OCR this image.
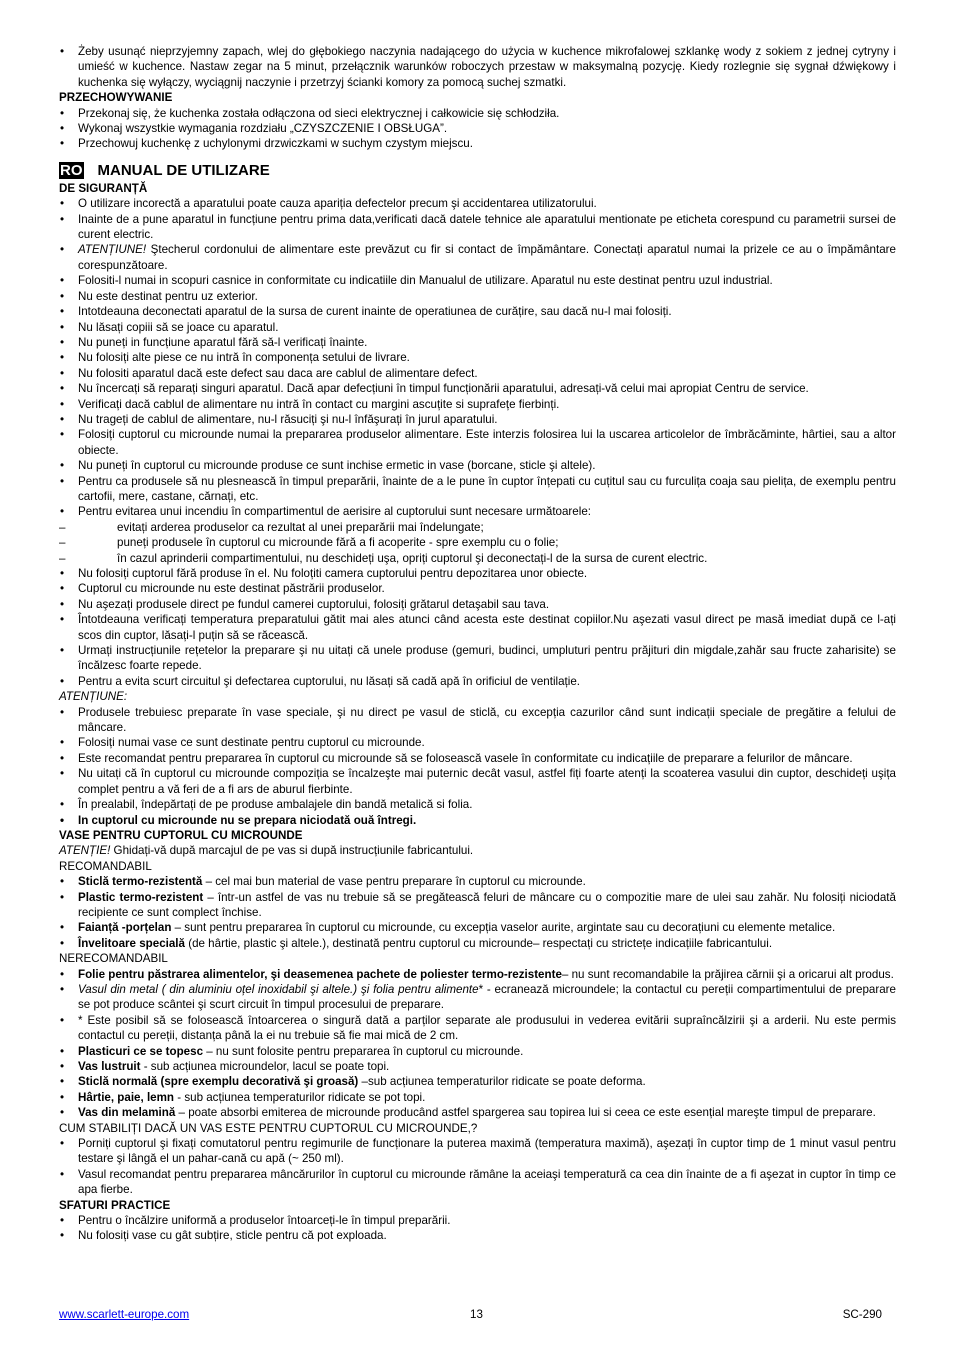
• Żeby usunąć nieprzyjemny zapach, wlej do głębokiego naczynia nadającego do użycia w kuchence mikrofalowej szklankę wody z sokiem z jednej cytryny i umieść w kuchence. Nastaw zegar na 5 minut, przełącznik warunków roboczych przestaw w maksymalną pozycję. Kiedy rozlegnie się sygnał dźwiękowy i kuchenka się wyłączy, wyciągnij naczynie i przetrzyj ścianki komory za pomocą suchej szmatki.
PRZECHOWYWANIE
• Przekonaj się, że kuchenka została odłączona od sieci elektrycznej i całkowicie się schłodziła.
• Wykonaj wszystkie wymagania rozdziału „CZYSZCZENIE I OBSŁUGA”.
• Przechowuj kuchenkę z uchylonymi drzwiczkami w suchym czystym miejscu.
RO MANUAL DE UTILIZARE
DE SIGURANȚĂ
• O utilizare incorectă a aparatului poate cauza apariția defectelor precum şi accidentarea utilizatorului.
• Inainte de a pune aparatul in funcțiune pentru prima data,verificati dacă datele tehnice ale aparatului mentionate pe eticheta corespund cu parametrii sursei de curent electric.
• ATENȚIUNE! Ştecherul cordonului de alimentare este prevăzut cu fir si contact de împământare. Conectați aparatul numai la prizele ce au o împământare corespunzătoare.
• Folositi-l numai in scopuri casnice in conformitate cu indicatiile din Manualul de utilizare. Aparatul nu este destinat pentru uzul industrial.
• Nu este destinat pentru uz exterior.
• Intotdeauna deconectati aparatul de la sursa de curent inainte de operatiunea de curățire, sau dacă nu-l mai folosiți.
• Nu lăsați copiii să se joace cu aparatul.
• Nu puneți in funcțiune aparatul fără să-l verificați înainte.
• Nu folosiți alte piese ce nu intră în componența setului de livrare.
• Nu folositi aparatul dacă este defect sau daca are cablul de alimentare defect.
• Nu încercați să reparați singuri aparatul. Dacă apar defecțiuni în timpul funcționării aparatului, adresați-vă celui mai apropiat Centru de service.
• Verificați dacă cablul de alimentare nu intră în contact cu margini ascuțite si suprafețe fierbinți.
• Nu trageți de cablul de alimentare, nu-l răsuciți şi nu-l înfăşurați în jurul aparatului.
• Folosiți cuptorul cu microunde numai la prepararea produselor alimentare. Este interzis folosirea lui la uscarea articolelor de îmbrăcăminte, hârtiei, sau a altor obiecte.
• Nu puneți în cuptorul cu microunde produse ce sunt inchise ermetic in vase (borcane, sticle şi altele).
• Pentru ca produsele să nu plesnească în timpul preparării, înainte de a le pune în cuptor înțepati cu cuțitul sau cu furculița coaja sau pielița, de exemplu pentru cartofii, mere, castane, cărnați, etc.
• Pentru evitarea unui incendiu în compartimentul de aerisire al cuptorului sunt necesare următoarele:
– evitați arderea produselor ca rezultat al unei preparării mai îndelungate;
– puneți produsele în cuptorul cu microunde fără a fi acoperite - spre exemplu cu o folie;
– în cazul aprinderii compartimentului, nu deschideți uşa, opriți cuptorul şi deconectați-l de la sursa de curent electric.
• Nu folosiți cuptorul fără produse în el. Nu foloțiti camera cuptorului pentru depozitarea unor obiecte.
• Cuptorul cu microunde nu este destinat păstrării produselor.
• Nu aşezați produsele direct pe fundul camerei cuptorului, folosiți grătarul detaşabil sau tava.
• Întotdeauna verificați temperatura preparatului gătit mai ales atunci când acesta este destinat copiilor.Nu aşezati vasul direct pe masă imediat după ce l-ați scos din cuptor, lăsați-l puțin să se răcească.
• Urmați instrucțiunile rețetelor la preparare şi nu uitați că unele produse (gemuri, budinci, umpluturi pentru prăjituri din migdale,zahăr sau fructe zaharisite) se încălzesc foarte repede.
• Pentru a evita scurt circuitul şi defectarea cuptorului, nu lăsați să cadă apă în orificiul de ventilație.
ATENȚIUNE:
• Produsele trebuiesc preparate în vase speciale, şi nu direct pe vasul de sticlă, cu excepția cazurilor când sunt indicații speciale de pregătire a felului de mâncare.
• Folosiți numai vase ce sunt destinate pentru cuptorul cu microunde.
• Este recomandat pentru prepararea în cuptorul cu microunde să se folosească vasele în conformitate cu indicațiile de preparare a felurilor de mâncare.
• Nu uitați că în cuptorul cu microunde compoziția se încalzeşte mai puternic decât vasul, astfel fiți foarte atenți la scoaterea vasului din cuptor, deschideți uşița complet pentru a vă feri de a fi ars de aburul fierbinte.
• În prealabil, îndepărtați de pe produse ambalajele din bandă metalică si folia.
• In cuptorul cu microunde nu se prepara niciodată ouă întregi.
VASE PENTRU CUPTORUL CU MICROUNDE
ATENȚIE! Ghidați-vă după marcajul de pe vas si după instrucțiunile fabricantului.
RECOMANDABIL
• Sticlă termo-rezistentă – cel mai bun material de vase pentru preparare în cuptorul cu microunde.
• Plastic termo-rezistent – într-un astfel de vas nu trebuie să se pregătească feluri de mâncare cu o compozitie mare de ulei sau zahăr. Nu folosiți niciodată recipiente ce sunt complect închise.
• Faianță -porțelan – sunt pentru prepararea în cuptorul cu microunde, cu excepția vaselor aurite, argintate sau cu decorațiuni cu elemente metalice.
• Învelitoare specială (de hârtie, plastic şi altele.), destinată pentru cuptorul cu microunde– respectați cu strictețe indicațiile fabricantului.
NERECOMANDABIL
• Folie pentru păstrarea alimentelor, şi deasemenea pachete de poliester termo-rezistente– nu sunt recomandabile la prăjirea cărnii şi a oricarui alt produs.
• Vasul din metal ( din aluminiu oțel inoxidabil şi altele.) şi folia pentru alimente* - ecranează microundele; la contactul cu pereții compartimentului de preparare se pot produce scântei şi scurt circuit în timpul procesului de preparare.
• * Este posibil să se folosească întoarcerea o singură dată a parților separate ale produsului in vederea evitării supraîncălzirii şi a arderii. Nu este permis contactul cu pereții, distanța până la ei nu trebuie să fie mai mică de 2 cm.
• Plasticuri ce se topesc – nu sunt folosite pentru prepararea în cuptorul cu microunde.
• Vas lustruit - sub acțiunea microundelor, lacul se poate topi.
• Sticlă normală (spre exemplu decorativă şi groasă) –sub acțiunea temperaturilor ridicate se poate deforma.
• Hârtie, paie, lemn - sub acțiunea temperaturilor ridicate se pot topi.
• Vas din melamină – poate absorbi emiterea de microunde producând astfel spargerea sau topirea lui si ceea ce este esențial mareşte timpul de preparare.
CUM STABILIȚI DACĂ UN VAS ESTE PENTRU CUPTORUL CU MICROUNDE,?
• Porniți cuptorul şi fixați comutatorul pentru regimurile de funcționare la puterea maximă (temperatura maximă), aşezați în cuptor timp de 1 minut vasul pentru testare şi lângă el un pahar-cană cu apă (~ 250 ml).
• Vasul recomandat pentru prepararea mâncărurilor în cuptorul cu microunde rămâne la aceiaşi temperatură ca cea din înainte de a fi aşezat in cuptor în timp ce apa fierbe.
SFATURI PRACTICE
• Pentru o încălzire uniformă a produselor întoarceți-le în timpul preparării.
• Nu folosiți vase cu gât subțire, sticle pentru că pot exploada.
www.scarlett-europe.com	13	SC-290
